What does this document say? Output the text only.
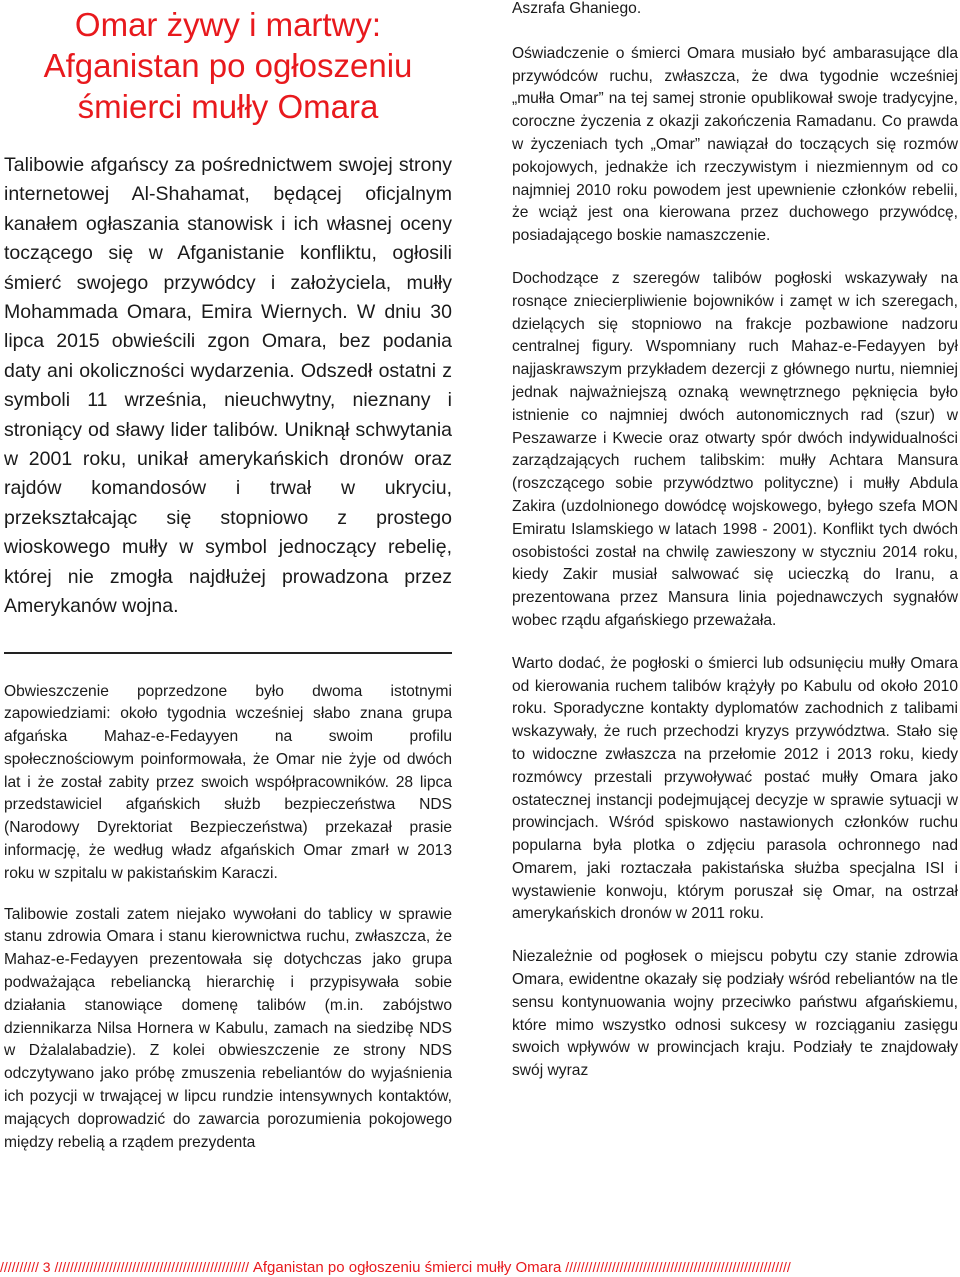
Omar żywy i martwy:
Afganistan po ogłoszeniu
śmierci mułły Omara

Talibowie afgańscy za pośrednictwem swojej strony internetowej Al-Shahamat, będącej oficjalnym kanałem ogłaszania stanowisk i ich własnej oceny toczącego się w Afganistanie konfliktu, ogłosili śmierć swojego przywódcy i założyciela, mułły Mohammada Omara, Emira Wiernych. W dniu 30 lipca 2015 obwieścili zgon Omara, bez podania daty ani okoliczności wydarzenia. Odszedł ostatni z symboli 11 września, nieuchwytny, nieznany i stroniący od sławy lider talibów. Uniknął schwytania w 2001 roku, unikał amerykańskich dronów oraz rajdów komandosów i trwał w ukryciu, przekształcając się stopniowo z prostego wioskowego mułły w symbol jednoczący rebelię, której nie zmogła najdłużej prowadzona przez Amerykanów wojna.

Obwieszczenie poprzedzone było dwoma istotnymi zapowiedziami: około tygodnia wcześniej słabo znana grupa afgańska Mahaz-e-Fedayyen na swoim profilu społecznościowym poinformowała, że Omar nie żyje od dwóch lat i że został zabity przez swoich współpracowników. 28 lipca przedstawiciel afgańskich służb bezpieczeństwa NDS (Narodowy Dyrektoriat Bezpieczeństwa) przekazał prasie informację, że według władz afgańskich Omar zmarł w 2013 roku w szpitalu w pakistańskim Karaczi.

Talibowie zostali zatem niejako wywołani do tablicy w sprawie stanu zdrowia Omara i stanu kierownictwa ruchu, zwłaszcza, że Mahaz-e-Fedayyen prezentowała się dotychczas jako grupa podważająca rebeliancką hierarchię i przypisywała sobie działania stanowiące domenę talibów (m.in. zabójstwo dziennikarza Nilsa Hornera w Kabulu, zamach na siedzibę NDS w Dżalalabadzie). Z kolei obwieszczenie ze strony NDS odczytywano jako próbę zmuszenia rebeliantów do wyjaśnienia ich pozycji w trwającej w lipcu rundzie intensywnych kontaktów, mających doprowadzić do zawarcia porozumienia pokojowego między rebelią a rządem prezydenta

Aszrafa Ghaniego.

Oświadczenie o śmierci Omara musiało być ambarasujące dla przywódców ruchu, zwłaszcza, że dwa tygodnie wcześniej „mułła Omar” na tej samej stronie opublikował swoje tradycyjne, coroczne życzenia z okazji zakończenia Ramadanu. Co prawda w życzeniach tych „Omar” nawiązał do toczących się rozmów pokojowych, jednakże ich rzeczywistym i niezmiennym od co najmniej 2010 roku powodem jest upewnienie członków rebelii, że wciąż jest ona kierowana przez duchowego przywódcę, posiadającego boskie namaszczenie.

Dochodzące z szeregów talibów pogłoski wskazywały na rosnące zniecierpliwienie bojowników i zamęt w ich szeregach, dzielących się stopniowo na frakcje pozbawione nadzoru centralnej figury. Wspomniany ruch Mahaz-e-Fedayyen był najjaskrawszym przykładem dezercji z głównego nurtu, niemniej jednak najważniejszą oznaką wewnętrznego pęknięcia było istnienie co najmniej dwóch autonomicznych rad (szur) w Peszawarze i Kwecie oraz otwarty spór dwóch indywidualności zarządzających ruchem talibskim: mułły Achtara Mansura (roszczącego sobie przywództwo polityczne) i mułły Abdula Zakira (uzdolnionego dowódcę wojskowego, byłego szefa MON Emiratu Islamskiego w latach 1998 - 2001). Konflikt tych dwóch osobistości został na chwilę zawieszony w styczniu 2014 roku, kiedy Zakir musiał salwować się ucieczką do Iranu, a prezentowana przez Mansura linia pojednawczych sygnałów wobec rządu afgańskiego przeważała.

Warto dodać, że pogłoski o śmierci lub odsunięciu mułły Omara od kierowania ruchem talibów krążyły po Kabulu od około 2010 roku. Sporadyczne kontakty dyplomatów zachodnich z talibami wskazywały, że ruch przechodzi kryzys przywództwa. Stało się to widoczne zwłaszcza na przełomie 2012 i 2013 roku, kiedy rozmówcy przestali przywoływać postać mułły Omara jako ostatecznej instancji podejmującej decyzje w sprawie sytuacji w prowincjach. Wśród spiskowo nastawionych członków ruchu popularna była plotka o zdjęciu parasola ochronnego nad Omarem, jaki roztaczała pakistańska służba specjalna ISI i wystawienie konwoju, którym poruszał się Omar, na ostrzał amerykańskich dronów w 2011 roku.

Niezależnie od pogłosek o miejscu pobytu czy stanie zdrowia Omara, ewidentne okazały się podziały wśród rebeliantów na tle sensu kontynuowania wojny przeciwko państwu afgańskiemu, które mimo wszystko odnosi sukcesy w rozciąganiu zasięgu swoich wpływów w prowincjach kraju. Podziały te znajdowały swój wyraz

////////// 3 ////////////////////////////////////////////////// Afganistan po ogłoszeniu śmierci mułły Omara //////////////////////////////////////////////////////////
